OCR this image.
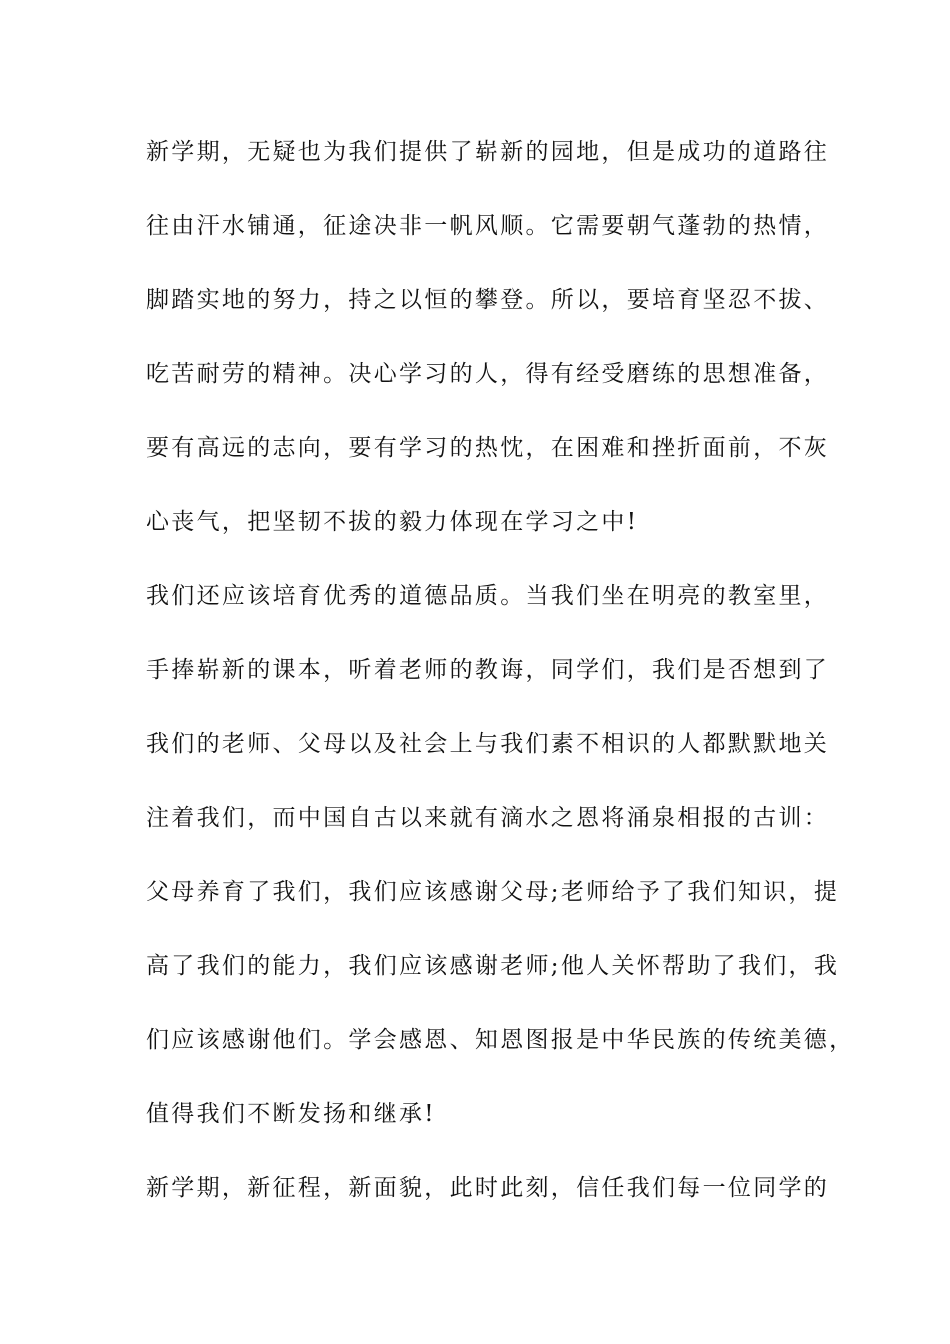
新学期，无疑也为我们提供了崭新的园地，但是成功的道路往
往由汗水铺通，征途决非一帆风顺。它需要朝气蓬勃的热情，
脚踏实地的努力，持之以恒的攀登。所以，要培育坚忍不拔、
吃苦耐劳的精神。决心学习的人，得有经受磨练的思想准备，
要有高远的志向，要有学习的热忱，在困难和挫折面前，不灰
心丧气，把坚韧不拔的毅力体现在学习之中!
我们还应该培育优秀的道德品质。当我们坐在明亮的教室里，
手捧崭新的课本，听着老师的教诲，同学们，我们是否想到了
我们的老师、父母以及社会上与我们素不相识的人都默默地关
注着我们，而中国自古以来就有滴水之恩将涌泉相报的古训：
父母养育了我们，我们应该感谢父母;老师给予了我们知识，提
高了我们的能力，我们应该感谢老师;他人关怀帮助了我们，我
们应该感谢他们。学会感恩、知恩图报是中华民族的传统美德，
值得我们不断发扬和继承!
新学期，新征程，新面貌，此时此刻，信任我们每一位同学的
